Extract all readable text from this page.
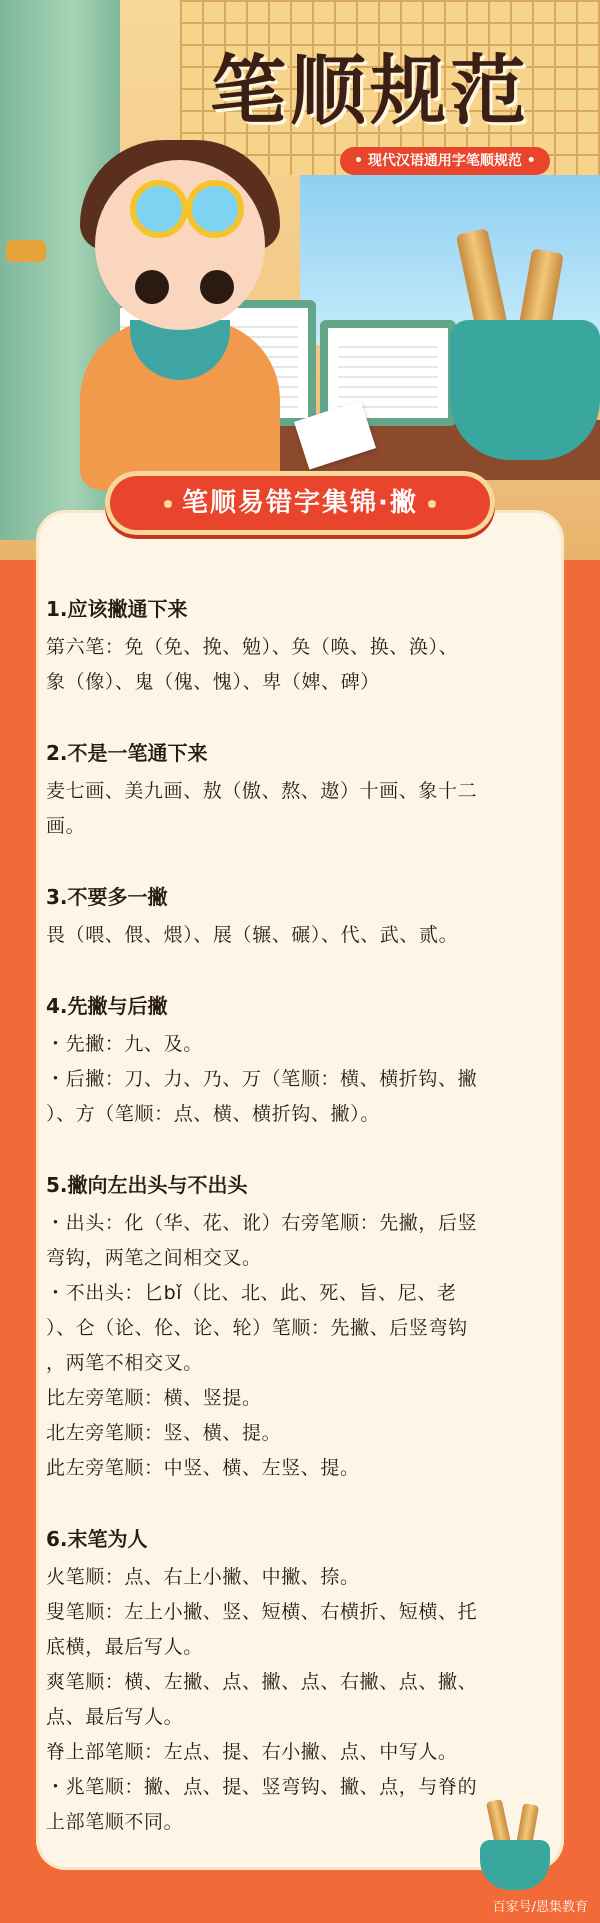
笔顺规范
• 现代汉语通用字笔顺规范 •
1.应该撇通下来
第六笔：免（免、挽、勉）、奂（唤、换、涣）、
象（像）、鬼（傀、愧）、卑（婢、碑）
2.不是一笔通下来
麦七画、美九画、敖（傲、熬、遨）十画、象十二
画。
3.不要多一撇
畏（喂、偎、煨）、展（辗、碾）、代、武、贰。
4.先撇与后撇
・先撇：九、及。
・后撇：刀、力、乃、万（笔顺：横、横折钩、撇
）、方（笔顺：点、横、横折钩、撇）。
5.撇向左出头与不出头
・出头：化（华、花、讹）右旁笔顺：先撇，后竖
弯钩，两笔之间相交叉。
・不出头：匕bǐ（比、北、此、死、旨、尼、老
）、仑（论、伦、论、轮）笔顺：先撇、后竖弯钩
，两笔不相交叉。
比左旁笔顺：横、竖提。
北左旁笔顺：竖、横、提。
此左旁笔顺：中竖、横、左竖、提。
6.末笔为人
火笔顺：点、右上小撇、中撇、捺。
叟笔顺：左上小撇、竖、短横、右横折、短横、托
底横，最后写人。
爽笔顺：横、左撇、点、撇、点、右撇、点、撇、
点、最后写人。
脊上部笔顺：左点、提、右小撇、点、中写人。
・兆笔顺：撇、点、提、竖弯钩、撇、点，与脊的
上部笔顺不同。
笔顺易错字集锦·撇
百家号/恩集教育
